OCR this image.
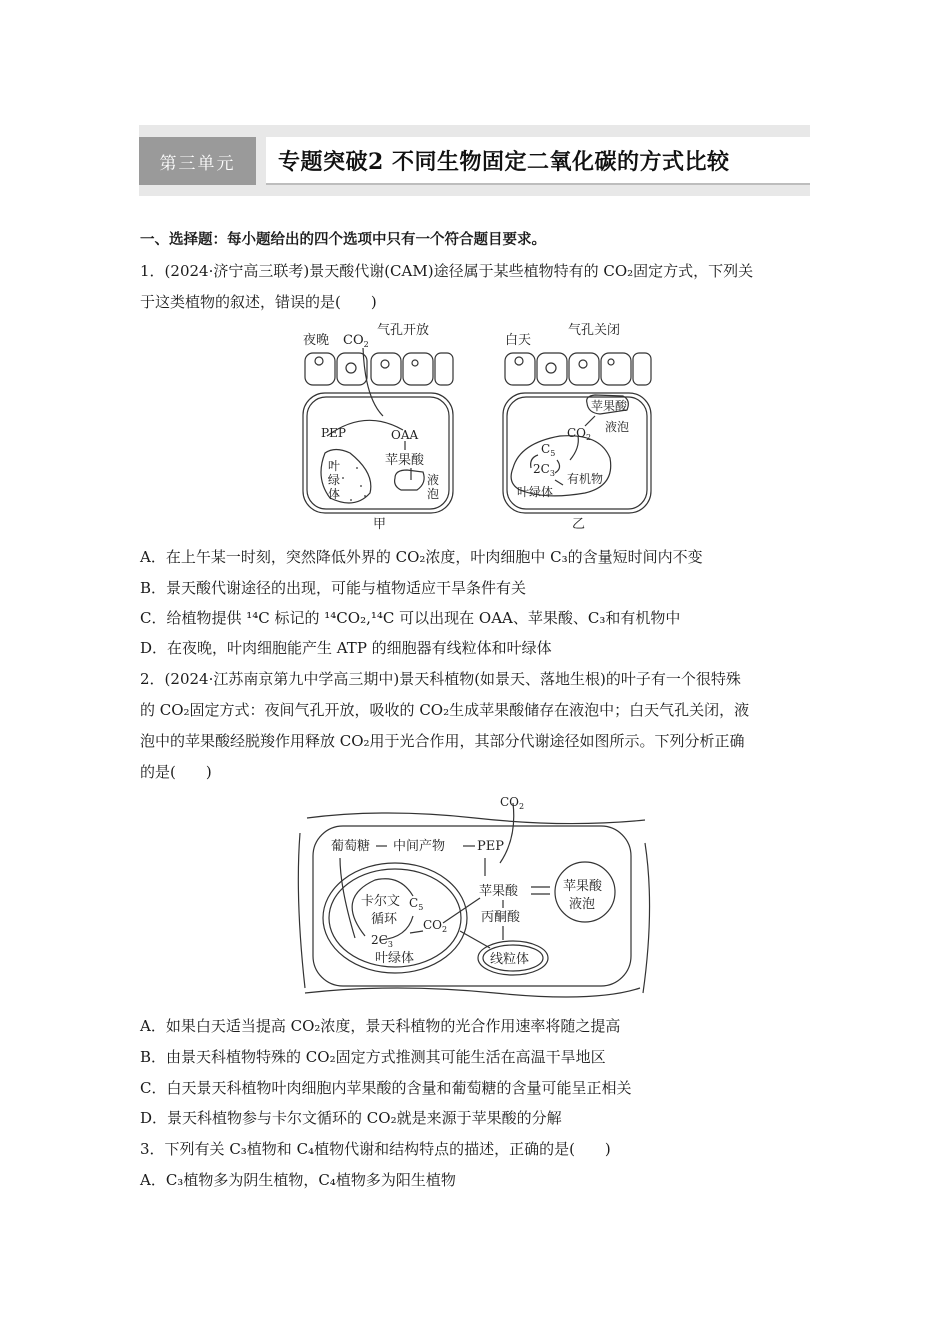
第三单元	专题突破2 不同生物固定二氧化碳的方式比较
一、选择题：每小题给出的四个选项中只有一个符合题目要求。
1．(2024·济宁高三联考)景天酸代谢(CAM)途径属于某些植物特有的 CO₂固定方式，下列关
于这类植物的叙述，错误的是(　　)
夜晚 $CO_2$
气孔开放
PEP	OAA
苹果酸
叶
绿
体
液
泡
甲
白天
气孔关闭
苹果酸
液泡
$CO_2$
$C_5$
$2C_3$ 有机物
叶绿体
乙
A．在上午某一时刻，突然降低外界的 CO₂浓度，叶肉细胞中 C₃的含量短时间内不变
B．景天酸代谢途径的出现，可能与植物适应干旱条件有关
C．给植物提供 ¹⁴C 标记的 ¹⁴CO₂,¹⁴C 可以出现在 OAA、苹果酸、C₃和有机物中
D．在夜晚，叶肉细胞能产生 ATP 的细胞器有线粒体和叶绿体
2．(2024·江苏南京第九中学高三期中)景天科植物(如景天、落地生根)的叶子有一个很特殊
的 CO₂固定方式：夜间气孔开放，吸收的 CO₂生成苹果酸储存在液泡中；白天气孔关闭，液
泡中的苹果酸经脱羧作用释放 CO₂用于光合作用，其部分代谢途径如图所示。下列分析正确
的是(　　)
$CO_2$
葡萄糖 中间产物 PEP
苹果酸	苹果酸
液泡
卡尔文
循环
$C_5$
$CO_2$
丙酮酸
$2C_3$
叶绿体	线粒体
A．如果白天适当提高 CO₂浓度，景天科植物的光合作用速率将随之提高
B．由景天科植物特殊的 CO₂固定方式推测其可能生活在高温干旱地区
C．白天景天科植物叶肉细胞内苹果酸的含量和葡萄糖的含量可能呈正相关
D．景天科植物参与卡尔文循环的 CO₂就是来源于苹果酸的分解
3．下列有关 C₃植物和 C₄植物代谢和结构特点的描述，正确的是(　　)
A．C₃植物多为阴生植物，C₄植物多为阳生植物
